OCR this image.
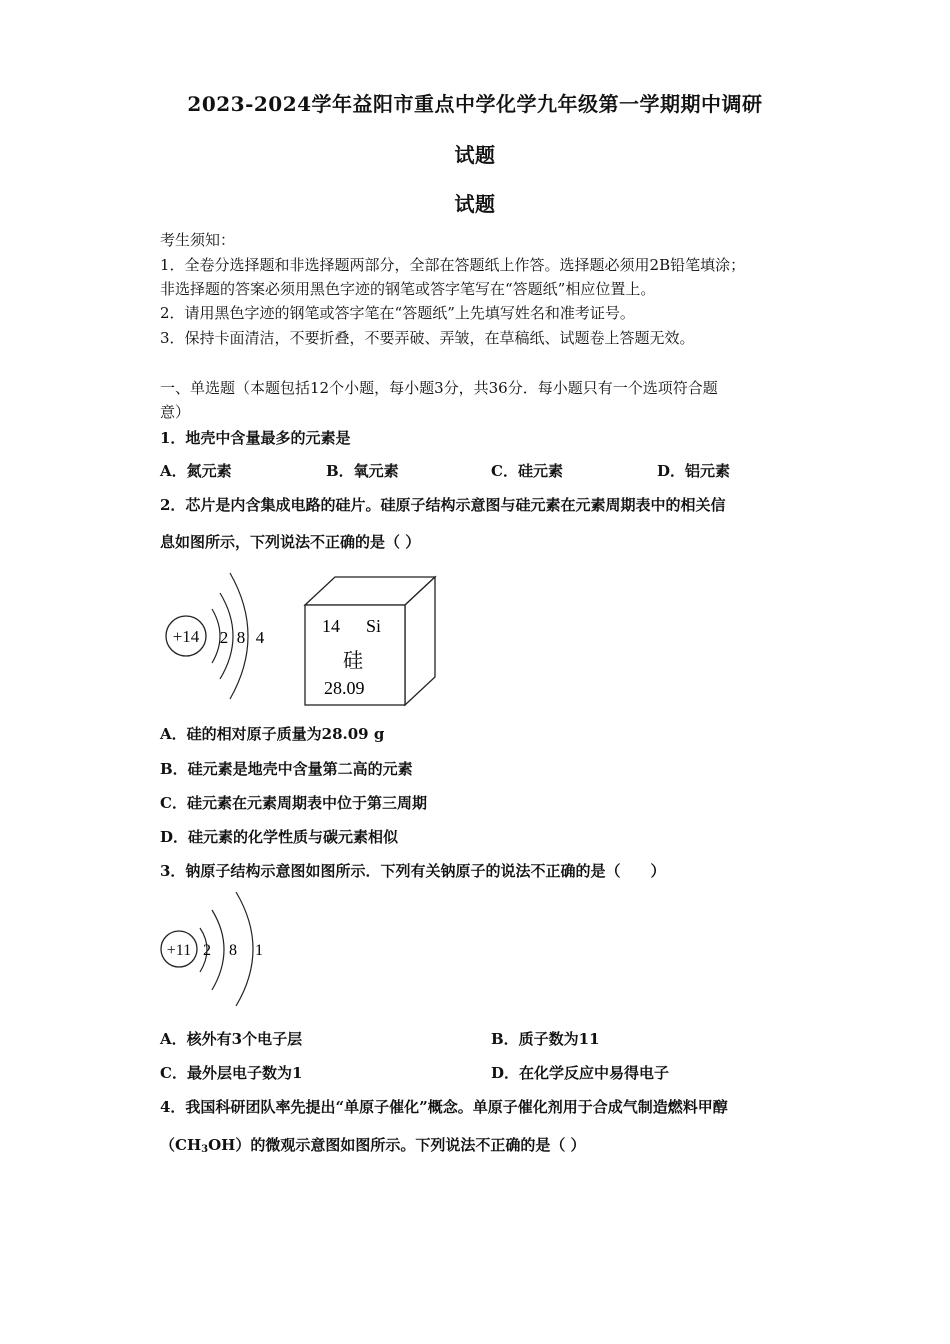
2023-2024学年益阳市重点中学化学九年级第一学期期中调研
试题
试题
考生须知：
1．全卷分选择题和非选择题两部分，全部在答题纸上作答。选择题必须用2B铅笔填涂；
非选择题的答案必须用黑色字迹的钢笔或答字笔写在“答题纸”相应位置上。
2．请用黑色字迹的钢笔或答字笔在“答题纸”上先填写姓名和准考证号。
3．保持卡面清洁，不要折叠，不要弄破、弄皱，在草稿纸、试题卷上答题无效。
一、单选题（本题包括12个小题，每小题3分，共36分．每小题只有一个选项符合题
意）
1．地壳中含量最多的元素是
A．氮元素	B．氧元素	C．硅元素	D．铝元素
2．芯片是内含集成电路的硅片。硅原子结构示意图与硅元素在元素周期表中的相关信
息如图所示，下列说法不正确的是（ ）
+14 2 8 4
14 Si
硅
28.09
A．硅的相对原子质量为28.09 g
B．硅元素是地壳中含量第二高的元素
C．硅元素在元素周期表中位于第三周期
D．硅元素的化学性质与碳元素相似
3．钠原子结构示意图如图所示．下列有关钠原子的说法不正确的是（　　）
+11 2 8 1
A．核外有3个电子层	B．质子数为11
C．最外层电子数为1	D．在化学反应中易得电子
4．我国科研团队率先提出“单原子催化”概念。单原子催化剂用于合成气制造燃料甲醇
$(CH_3OH)$的微观示意图如图所示。下列说法不正确的是（ ）
